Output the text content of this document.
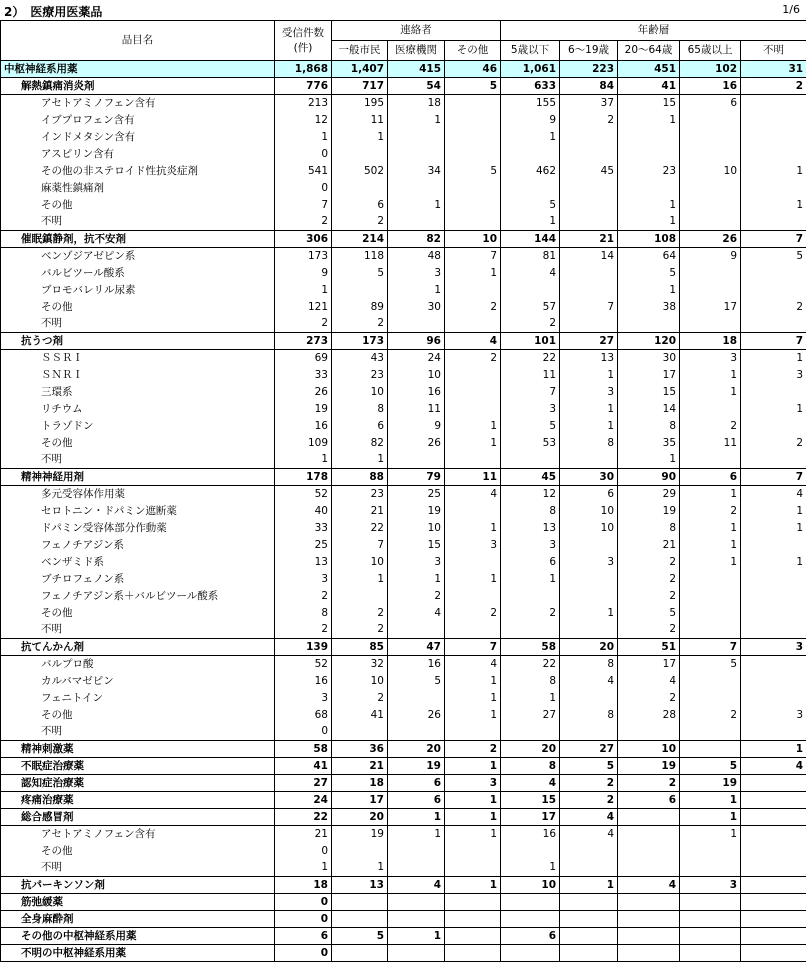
2）　医療用医薬品	1/6
品目名	受信件数
(件)	連絡者			年齢層				
		一般市民	医療機関	その他	5歳以下	6～19歳	20～64歳	65歳以上	不明
中枢神経系用薬	1,868	1,407	415	46	1,061	223	451	102	31
解熱鎮痛消炎剤	776	717	54	5	633	84	41	16	2
アセトアミノフェン含有	213	195	18		155	37	15	6	
イブプロフェン含有	12	11	1		9	2	1		
インドメタシン含有	1	1			1				
アスピリン含有	0								
その他の非ステロイド性抗炎症剤	541	502	34	5	462	45	23	10	1
麻薬性鎮痛剤	0								
その他	7	6	1		5		1		1
不明	2	2			1		1		
催眠鎮静剤，抗不安剤	306	214	82	10	144	21	108	26	7
ベンゾジアゼピン系	173	118	48	7	81	14	64	9	5
バルビツール酸系	9	5	3	1	4		5		
ブロモバレリル尿素	1		1				1		
その他	121	89	30	2	57	7	38	17	2
不明	2	2			2				
抗うつ剤	273	173	96	4	101	27	120	18	7
ＳＳＲＩ	69	43	24	2	22	13	30	3	1
ＳＮＲＩ	33	23	10		11	1	17	1	3
三環系	26	10	16		7	3	15	1	
リチウム	19	8	11		3	1	14		1
トラゾドン	16	6	9	1	5	1	8	2	
その他	109	82	26	1	53	8	35	11	2
不明	1	1					1		
精神神経用剤	178	88	79	11	45	30	90	6	7
多元受容体作用薬	52	23	25	4	12	6	29	1	4
セロトニン・ドパミン遮断薬	40	21	19		8	10	19	2	1
ドパミン受容体部分作動薬	33	22	10	1	13	10	8	1	1
フェノチアジン系	25	7	15	3	3		21	1	
ベンザミド系	13	10	3		6	3	2	1	1
ブチロフェノン系	3	1	1	1	1		2		
フェノチアジン系＋バルビツール酸系	2		2				2		
その他	8	2	4	2	2	1	5		
不明	2	2					2		
抗てんかん剤	139	85	47	7	58	20	51	7	3
バルプロ酸	52	32	16	4	22	8	17	5	
カルバマゼピン	16	10	5	1	8	4	4		
フェニトイン	3	2		1	1		2		
その他	68	41	26	1	27	8	28	2	3
不明	0								
精神刺激薬	58	36	20	2	20	27	10		1
不眠症治療薬	41	21	19	1	8	5	19	5	4
認知症治療薬	27	18	6	3	4	2	2	19	
疼痛治療薬	24	17	6	1	15	2	6	1	
総合感冒剤	22	20	1	1	17	4		1	
アセトアミノフェン含有	21	19	1	1	16	4		1	
その他	0								
不明	1	1			1				
抗パーキンソン剤	18	13	4	1	10	1	4	3	
筋弛緩薬	0								
全身麻酔剤	0								
その他の中枢神経系用薬	6	5	1		6				
不明の中枢神経系用薬	0								
